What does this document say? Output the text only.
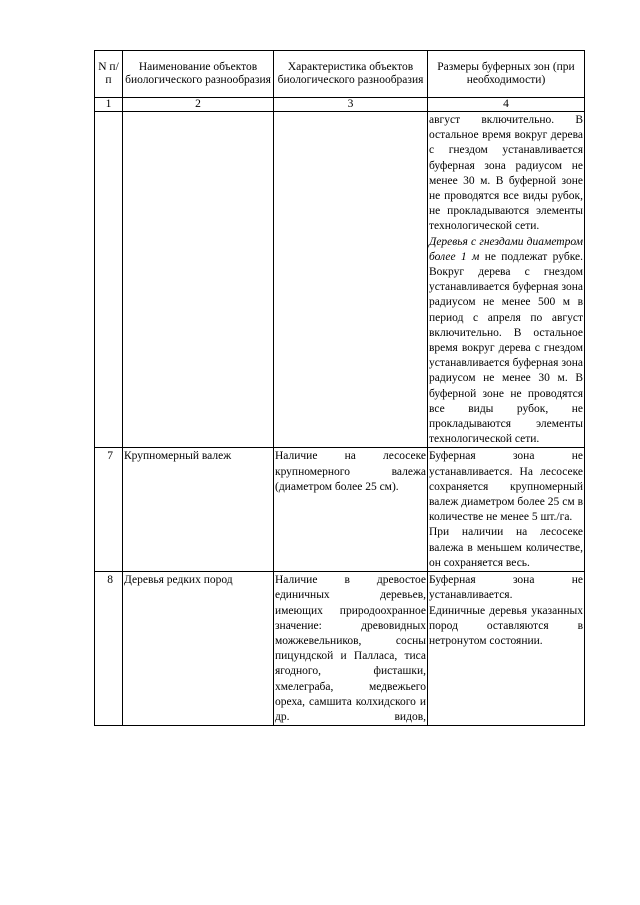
N п/п	Наименование объектов биологического разнообразия	Характеристика объектов биологического разнообразия	Размеры буферных зон (при необходимости)
1	2	3	4

			август включительно. В остальное время вокруг дерева с гнездом устанавливается буферная зона радиусом не менее 30 м. В буферной зоне не проводятся все виды рубок, не прокладываются элементы технологической сети.
Деревья с гнездами диаметром более 1 м не подлежат рубке. Вокруг дерева с гнездом устанавливается буферная зона радиусом не менее 500 м в период с апреля по август включительно. В остальное время вокруг дерева с гнездом устанавливается буферная зона радиусом не менее 30 м. В буферной зоне не проводятся все виды рубок, не прокладываются элементы технологической сети.

7	Крупномерный валеж	Наличие на лесосеке крупномерного валежа (диаметром более 25 см).	Буферная зона не устанавливается. На лесосеке сохраняется крупномерный валеж диаметром более 25 см в количестве не менее 5 шт./га.
При наличии на лесосеке валежа в меньшем количестве, он сохраняется весь.

8	Деревья редких пород	Наличие в древостое единичных деревьев, имеющих природоохранное значение: древовидных можжевельников, сосны пицундской и Палласа, тиса ягодного, фисташки, хмелеграба, медвежьего ореха, самшита колхидского и др. видов,	Буферная зона не устанавливается.
Единичные деревья указанных пород оставляются в нетронутом состоянии.
